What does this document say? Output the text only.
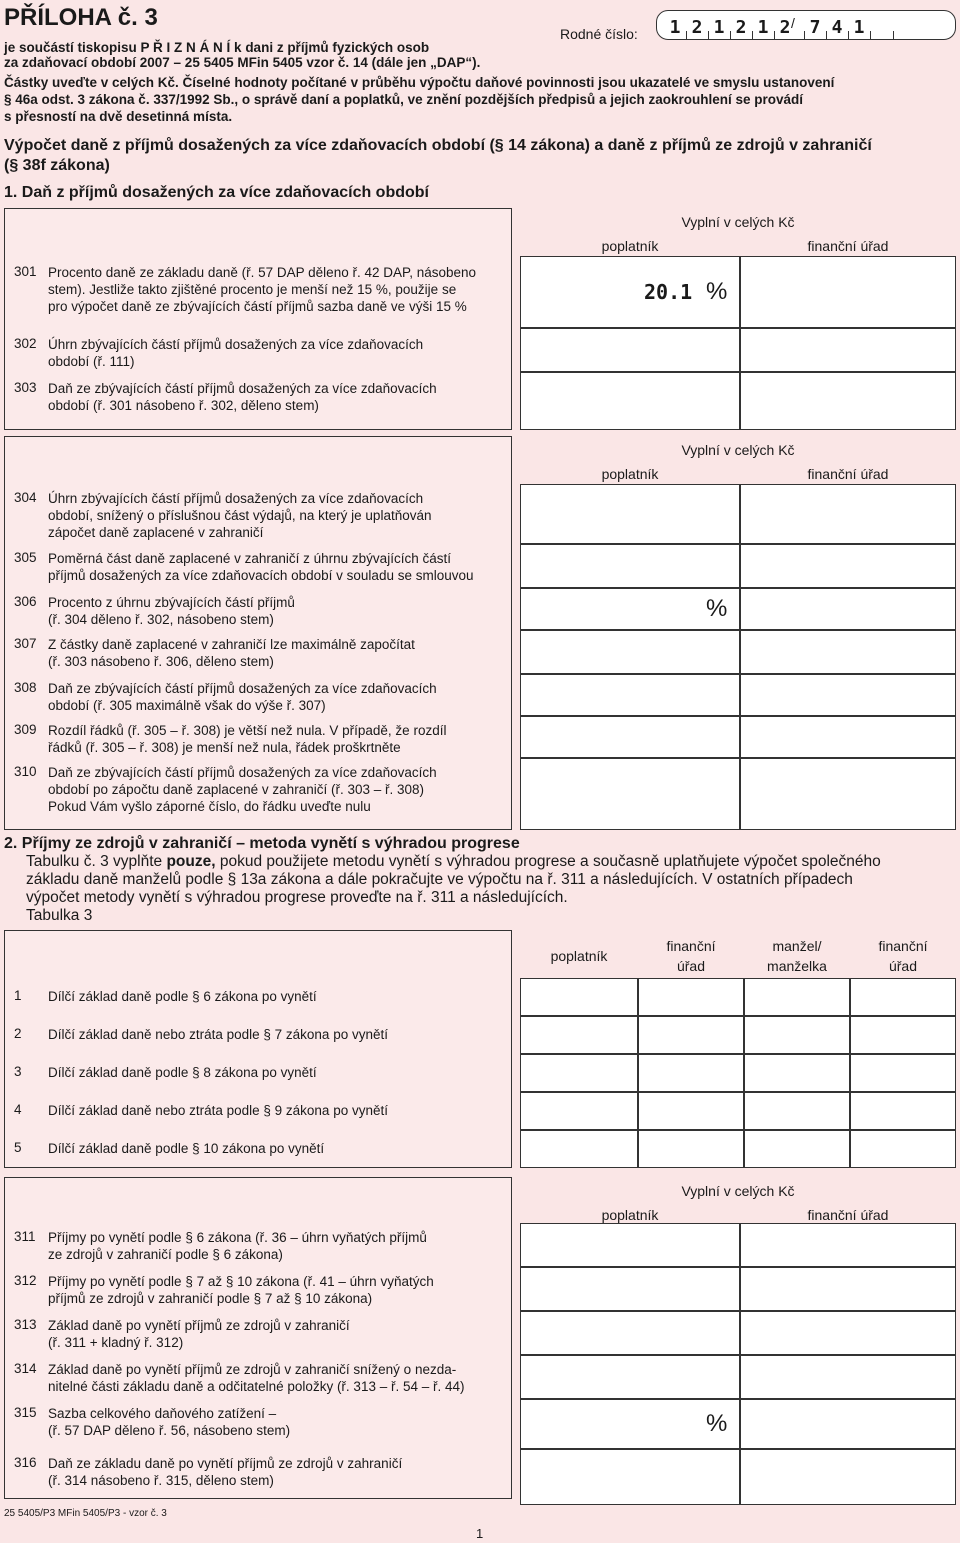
PŘÍLOHA č. 3
je součástí tiskopisu P Ř I Z N Á N Í k dani z příjmů fyzických osob
za zdaňovací období 2007 – 25 5405 MFin 5405 vzor č. 14 (dále jen „DAP“).
Rodné číslo: 1 2 1 2 1 2 7 4 1
/
Částky uveďte v celých Kč. Číselné hodnoty počítané v průběhu výpočtu daňové povinnosti jsou ukazatelé ve smyslu ustanovení
§ 46a odst. 3 zákona č. 337/1992 Sb., o správě daní a poplatků, ve znění pozdějších předpisů a jejich zaokrouhlení se provádí
s přesností na dvě desetinná místa.
Výpočet daně z příjmů dosažených za více zdaňovacích období (§ 14 zákona) a daně z příjmů ze zdrojů v zahraničí
(§ 38f zákona)
1. Daň z příjmů dosažených za více zdaňovacích období
Vyplní v celých Kč
poplatník	finanční úřad
20.1 %
301 Procento daně ze základu daně (ř. 57 DAP děleno ř. 42 DAP, násobeno
stem). Jestliže takto zjištěné procento je menší než 15 %, použije se
pro výpočet daně ze zbývajících částí příjmů sazba daně ve výši 15 %
302 Úhrn zbývajících částí příjmů dosažených za více zdaňovacích
období (ř. 111)
303 Daň ze zbývajících částí příjmů dosažených za více zdaňovacích
období (ř. 301 násobeno ř. 302, děleno stem)
Vyplní v celých Kč
poplatník	finanční úřad
304 Úhrn zbývajících částí příjmů dosažených za více zdaňovacích
období, snížený o příslušnou část výdajů, na který je uplatňován
zápočet daně zaplacené v zahraničí
305 Poměrná část daně zaplacené v zahraničí z úhrnu zbývajících částí
příjmů dosažených za více zdaňovacích období v souladu se smlouvou
%
306 Procento z úhrnu zbývajících částí příjmů
(ř. 304 děleno ř. 302, násobeno stem)
307 Z částky daně zaplacené v zahraničí lze maximálně započítat
(ř. 303 násobeno ř. 306, děleno stem)
308 Daň ze zbývajících částí příjmů dosažených za více zdaňovacích
období (ř. 305 maximálně však do výše ř. 307)
309 Rozdíl řádků (ř. 305 – ř. 308) je větší než nula. V případě, že rozdíl
řádků (ř. 305 – ř. 308) je menší než nula, řádek proškrtněte
310 Daň ze zbývajících částí příjmů dosažených za více zdaňovacích
období po zápočtu daně zaplacené v zahraničí (ř. 303 – ř. 308)
Pokud Vám vyšlo záporné číslo, do řádku uveďte nulu
2. Příjmy ze zdrojů v zahraničí – metoda vynětí s výhradou progrese
Tabulku č. 3 vyplňte pouze, pokud použijete metodu vynětí s výhradou progrese a současně uplatňujete výpočet společného
základu daně manželů podle § 13a zákona a dále pokračujte ve výpočtu na ř. 311 a následujících. V ostatních případech
výpočet metody vynětí s výhradou progrese proveďte na ř. 311 a následujících.
Tabulka 3
poplatník
finanční
úřad
manžel/
manželka
finanční
úřad
1 Dílčí základ daně podle § 6 zákona po vynětí
2 Dílčí základ daně nebo ztráta podle § 7 zákona po vynětí
3 Dílčí základ daně podle § 8 zákona po vynětí
4 Dílčí základ daně nebo ztráta podle § 9 zákona po vynětí
5 Dílčí základ daně podle § 10 zákona po vynětí
Vyplní v celých Kč
poplatník	finanční úřad
311 Příjmy po vynětí podle § 6 zákona (ř. 36 – úhrn vyňatých příjmů
ze zdrojů v zahraničí podle § 6 zákona)
312 Příjmy po vynětí podle § 7 až § 10 zákona (ř. 41 – úhrn vyňatých
příjmů ze zdrojů v zahraničí podle § 7 až § 10 zákona)
313 Základ daně po vynětí příjmů ze zdrojů v zahraničí
(ř. 311 + kladný ř. 312)
314 Základ daně po vynětí příjmů ze zdrojů v zahraničí snížený o nezda-
nitelné části základu daně a odčitatelné položky (ř. 313 – ř. 54 – ř. 44)
%
315 Sazba celkového daňového zatížení –
(ř. 57 DAP děleno ř. 56, násobeno stem)
316 Daň ze základu daně po vynětí příjmů ze zdrojů v zahraničí
(ř. 314 násobeno ř. 315, děleno stem)
25 5405/P3 MFin 5405/P3 - vzor č. 3
1
